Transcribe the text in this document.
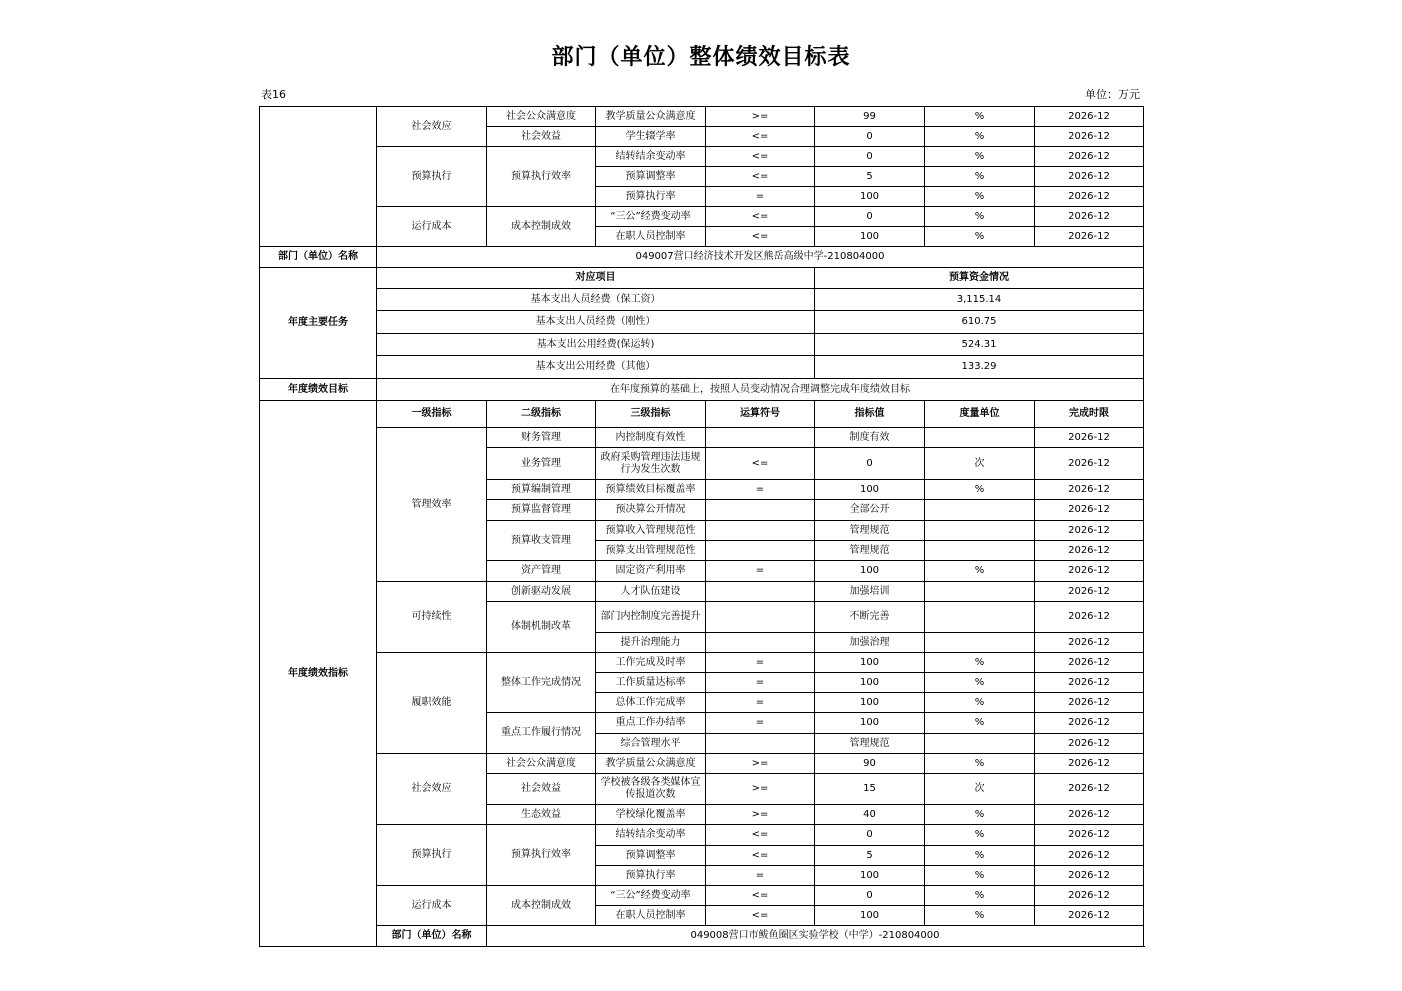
部门（单位）整体绩效目标表
表16	单位：万元
	社会效应	社会公众满意度	教学质量公众满意度	>=	99	%	2026-12
		社会效益	学生辍学率	<=	0	%	2026-12
	预算执行	预算执行效率	结转结余变动率	<=	0	%	2026-12
			预算调整率	<=	5	%	2026-12
			预算执行率	=	100	%	2026-12
	运行成本	成本控制成效	“三公”经费变动率	<=	0	%	2026-12
			在职人员控制率	<=	100	%	2026-12
部门（单位）名称	049007营口经济技术开发区熊岳高级中学-210804000						
年度主要任务	对应项目				预算资金情况		
	基本支出人员经费（保工资）				3,115.14		
	基本支出人员经费（刚性）				610.75		
	基本支出公用经费(保运转)				524.31		
	基本支出公用经费（其他）				133.29		
年度绩效目标	在年度预算的基础上，按照人员变动情况合理调整完成年度绩效目标						
年度绩效指标	一级指标	二级指标	三级指标	运算符号	指标值	度量单位	完成时限
	管理效率	财务管理	内控制度有效性		制度有效		2026-12
		业务管理	政府采购管理违法违规行为发生次数	<=	0	次	2026-12
		预算编制管理	预算绩效目标覆盖率	=	100	%	2026-12
		预算监督管理	预决算公开情况		全部公开		2026-12
		预算收支管理	预算收入管理规范性		管理规范		2026-12
			预算支出管理规范性		管理规范		2026-12
		资产管理	固定资产利用率	=	100	%	2026-12
	可持续性	创新驱动发展	人才队伍建设		加强培训		2026-12
		体制机制改革	部门内控制度完善提升		不断完善		2026-12
			提升治理能力		加强治理		2026-12
	履职效能	整体工作完成情况	工作完成及时率	=	100	%	2026-12
			工作质量达标率	=	100	%	2026-12
			总体工作完成率	=	100	%	2026-12
		重点工作履行情况	重点工作办结率	=	100	%	2026-12
			综合管理水平		管理规范		2026-12
	社会效应	社会公众满意度	教学质量公众满意度	>=	90	%	2026-12
		社会效益	学校被各级各类媒体宣传报道次数	>=	15	次	2026-12
		生态效益	学校绿化覆盖率	>=	40	%	2026-12
	预算执行	预算执行效率	结转结余变动率	<=	0	%	2026-12
			预算调整率	<=	5	%	2026-12
			预算执行率	=	100	%	2026-12
	运行成本	成本控制成效	“三公”经费变动率	<=	0	%	2026-12
			在职人员控制率	<=	100	%	2026-12
	部门（单位）名称	049008营口市鲅鱼圈区实验学校（中学）-210804000					
